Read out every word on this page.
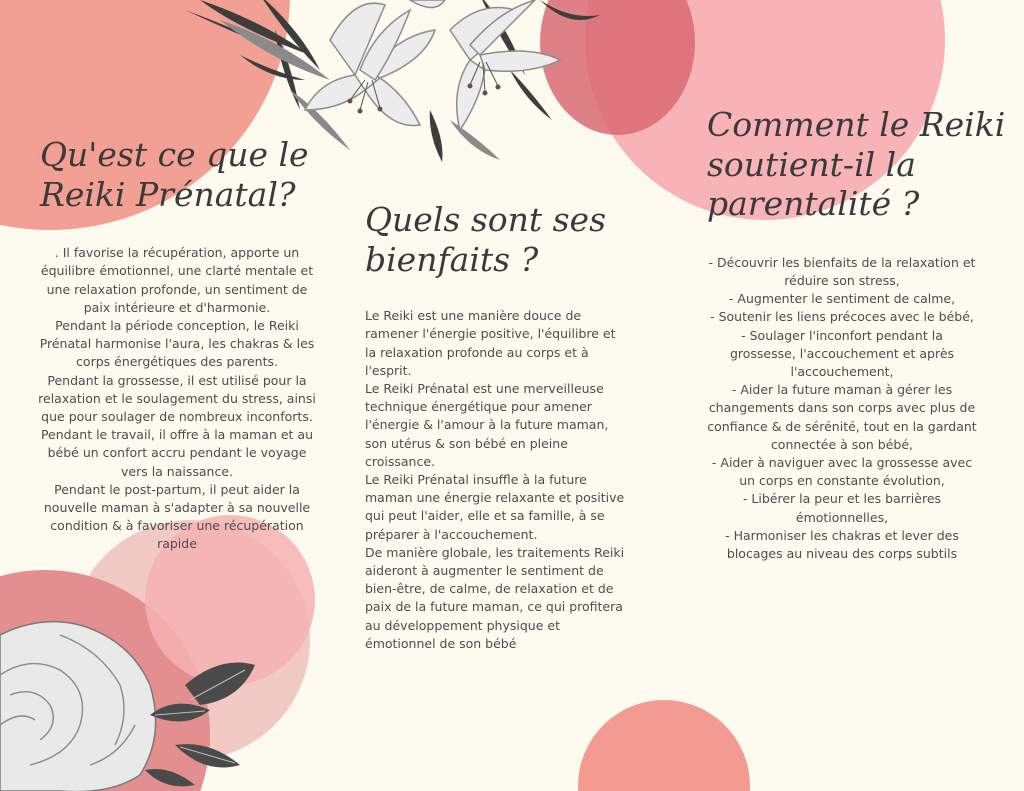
Qu'est ce que le Reiki Prénatal?

. Il favorise la récupération, apporte un équilibre émotionnel, une clarté mentale et une relaxation profonde, un sentiment de paix intérieure et d'harmonie.
Pendant la période conception, le Reiki Prénatal harmonise l'aura, les chakras & les corps énergétiques des parents.
Pendant la grossesse, il est utilisé pour la relaxation et le soulagement du stress, ainsi que pour soulager de nombreux inconforts.
Pendant le travail, il offre à la maman et au bébé un confort accru pendant le voyage vers la naissance.
Pendant le post-partum, il peut aider la nouvelle maman à s'adapter à sa nouvelle condition & à favoriser une récupération rapide

Quels sont ses bienfaits ?

Le Reiki est une manière douce de ramener l'énergie positive, l'équilibre et la relaxation profonde au corps et à l'esprit.
Le Reiki Prénatal est une merveilleuse technique énergétique pour amener l'énergie & l'amour à la future maman, son utérus & son bébé en pleine croissance.
Le Reiki Prénatal insuffle à la future maman une énergie relaxante et positive qui peut l'aider, elle et sa famille, à se préparer à l'accouchement.
De manière globale, les traitements Reiki aideront à augmenter le sentiment de bien-être, de calme, de relaxation et de paix de la future maman, ce qui profitera au développement physique et émotionnel de son bébé

Comment le Reiki soutient-il la parentalité ?

- Découvrir les bienfaits de la relaxation et réduire son stress,
- Augmenter le sentiment de calme,
- Soutenir les liens précoces avec le bébé,
- Soulager l'inconfort pendant la grossesse, l'accouchement et après l'accouchement,
- Aider la future maman à gérer les changements dans son corps avec plus de confiance & de sérénité, tout en la gardant connectée à son bébé,
- Aider à naviguer avec la grossesse avec un corps en constante évolution,
- Libérer la peur et les barrières émotionnelles,
- Harmoniser les chakras et lever des blocages au niveau des corps subtils
